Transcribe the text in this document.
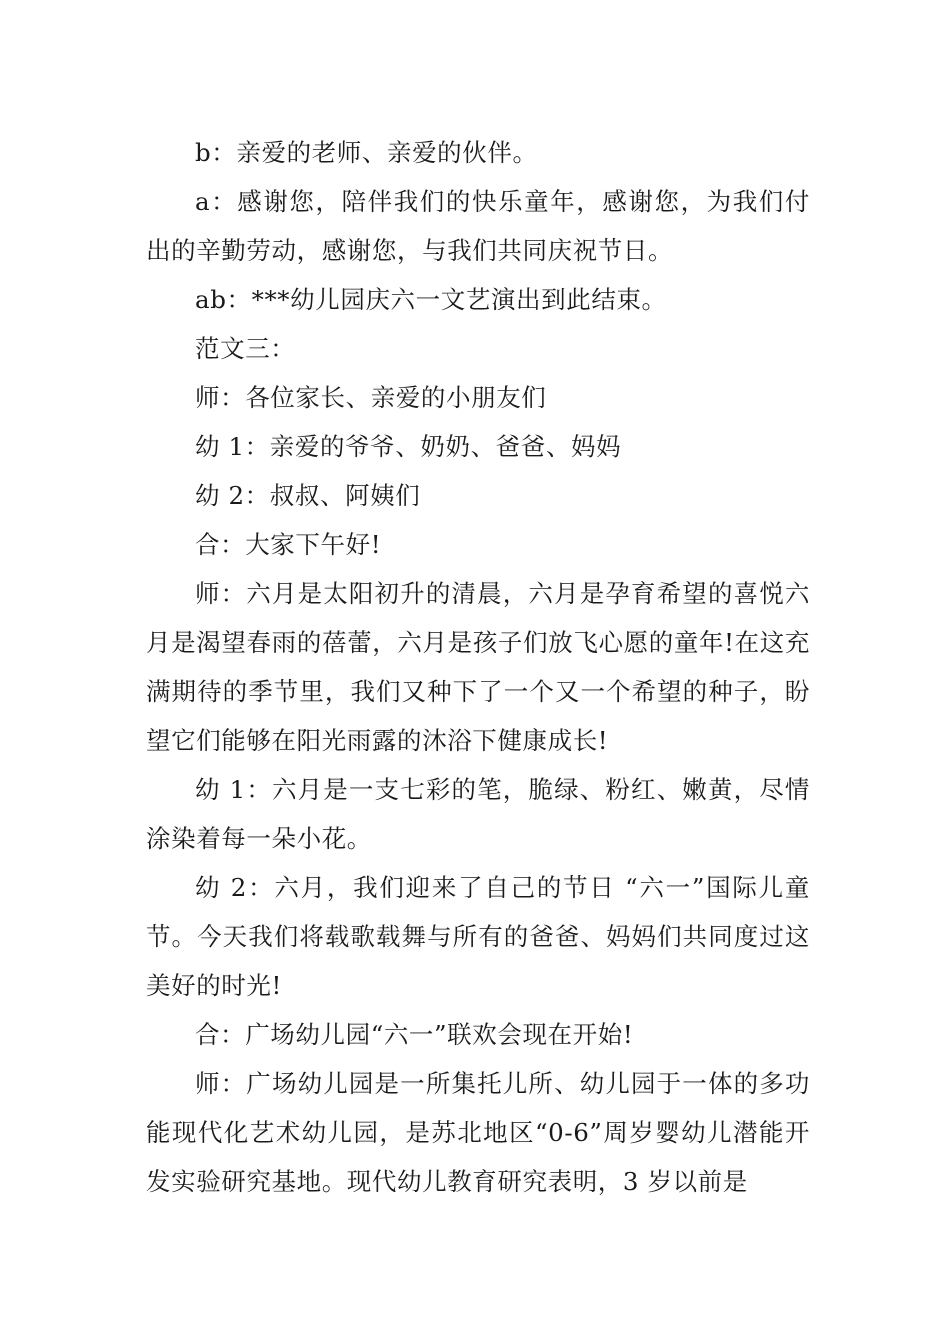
b：亲爱的老师、亲爱的伙伴。

a：感谢您，陪伴我们的快乐童年，感谢您，为我们付出的辛勤劳动，感谢您，与我们共同庆祝节日。

ab：***幼儿园庆六一文艺演出到此结束。

范文三：

师：各位家长、亲爱的小朋友们

幼 1：亲爱的爷爷、奶奶、爸爸、妈妈

幼 2：叔叔、阿姨们

合：大家下午好!

师：六月是太阳初升的清晨，六月是孕育希望的喜悦六月是渴望春雨的蓓蕾，六月是孩子们放飞心愿的童年!在这充满期待的季节里，我们又种下了一个又一个希望的种子，盼望它们能够在阳光雨露的沐浴下健康成长!

幼 1：六月是一支七彩的笔，脆绿、粉红、嫩黄，尽情涂染着每一朵小花。

幼 2：六月，我们迎来了自己的节日 “六一”国际儿童节。今天我们将载歌载舞与所有的爸爸、妈妈们共同度过这美好的时光!

合：广场幼儿园“六一”联欢会现在开始!

师：广场幼儿园是一所集托儿所、幼儿园于一体的多功能现代化艺术幼儿园，是苏北地区“0-6”周岁婴幼儿潜能开发实验研究基地。现代幼儿教育研究表明，3 岁以前是
